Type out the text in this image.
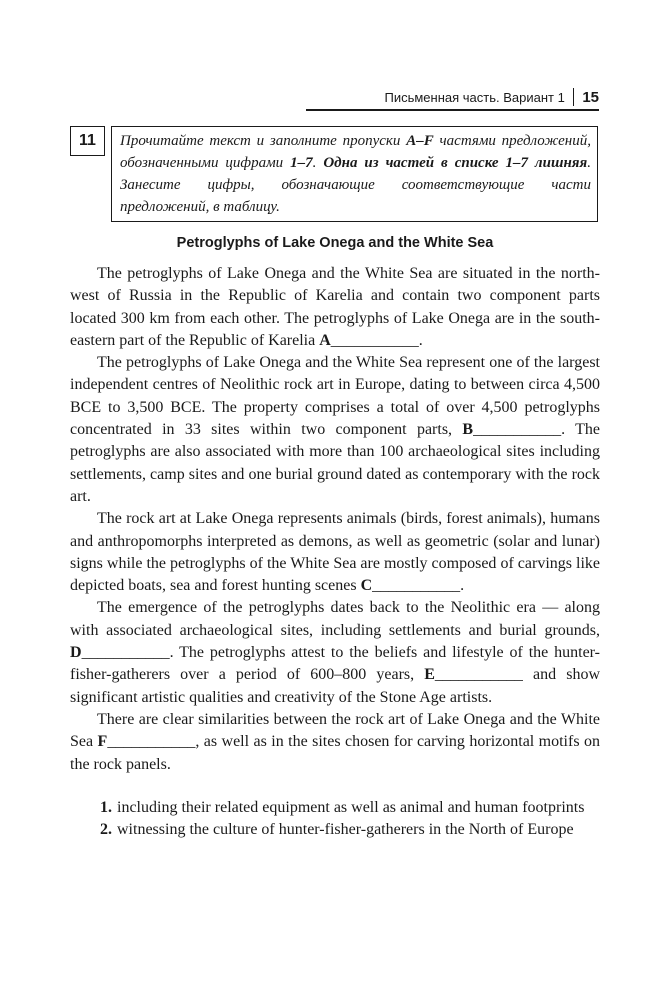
Письменная часть. Вариант 1 15
11	Прочитайте текст и заполните пропуски A–F частями предложений, обозначенными цифрами 1–7. Одна из частей в списке 1–7 лишняя. Занесите цифры, обозначающие соответствующие части предложений, в таблицу.
Petroglyphs of Lake Onega and the White Sea

The petroglyphs of Lake Onega and the White Sea are situated in the north-west of Russia in the Republic of Karelia and contain two component parts located 300 km from each other. The petroglyphs of Lake Onega are in the south-eastern part of the Republic of Karelia A___________.

The petroglyphs of Lake Onega and the White Sea represent one of the largest independent centres of Neolithic rock art in Europe, dating to between circa 4,500 BCE to 3,500 BCE. The property comprises a total of over 4,500 petroglyphs concentrated in 33 sites within two component parts, B___________. The petroglyphs are also associated with more than 100 archaeological sites including settlements, camp sites and one burial ground dated as contemporary with the rock art.

The rock art at Lake Onega represents animals (birds, forest animals), humans and anthropomorphs interpreted as demons, as well as geometric (solar and lunar) signs while the petroglyphs of the White Sea are mostly composed of carvings like depicted boats, sea and forest hunting scenes C___________.

The emergence of the petroglyphs dates back to the Neolithic era — along with associated archaeological sites, including settlements and burial grounds, D___________. The petroglyphs attest to the beliefs and lifestyle of the hunter-fisher-gatherers over a period of 600–800 years, E___________ and show significant artistic qualities and creativity of the Stone Age artists.

There are clear similarities between the rock art of Lake Onega and the White Sea F___________, as well as in the sites chosen for carving horizontal motifs on the rock panels.

1. including their related equipment as well as animal and human footprints
2. witnessing the culture of hunter-fisher-gatherers in the North of Europe
